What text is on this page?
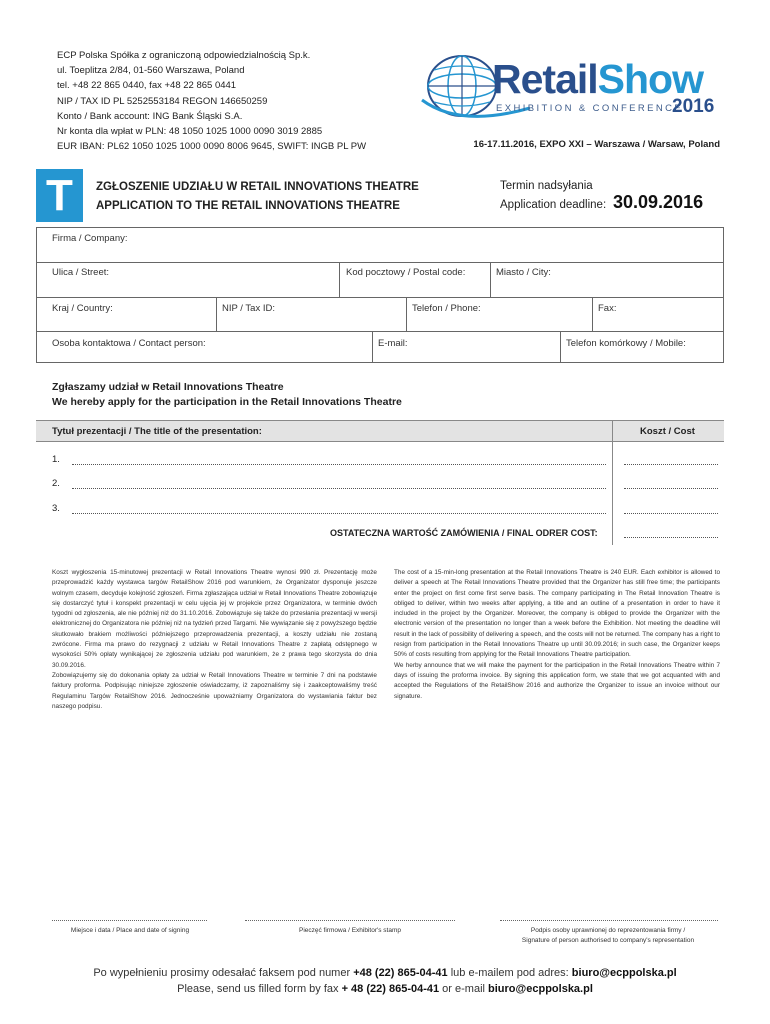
ECP Polska Spółka z ograniczoną odpowiedzialnością Sp.k.
ul. Toeplitza 2/84, 01-560 Warszawa, Poland
tel. +48 22 865 0440, fax +48 22 865 0441
NIP / TAX ID PL 5252553184 REGON 146650259
Konto / Bank account: ING Bank Śląski S.A.
Nr konta dla wpłat w PLN: 48 1050 1025 1000 0090 3019 2885
EUR IBAN: PL62 1050 1025 1000 0090 8006 9645, SWIFT: INGB PL PW
RetailShow
EXHIBITION & CONFERENCE
2016
16-17.11.2016, EXPO XXI – Warszawa / Warsaw, Poland
T	ZGŁOSZENIE UDZIAŁU W RETAIL INNOVATIONS THEATRE
APPLICATION TO THE RETAIL INNOVATIONS THEATRE
Termin nadsyłania
Application deadline: 30.09.2016
Firma / Company:
Ulica / Street:	Kod pocztowy / Postal code:	Miasto / City:
Kraj / Country:	NIP / Tax ID:	Telefon / Phone:	Fax:
Osoba kontaktowa / Contact person:	E-mail:	Telefon komórkowy / Mobile:
Zgłaszamy udział w Retail Innovations Theatre
We hereby apply for the participation in the Retail Innovations Theatre
Tytuł prezentacji / The title of the presentation:	Koszt / Cost
1.
2.
3.
OSTATECZNA WARTOŚĆ ZAMÓWIENIA / FINAL ODRER COST:

Koszt wygłoszenia 15-minutowej prezentacji w Retail Innovations Theatre wynosi 990 zł. Prezentację może przeprowadzić każdy wystawca targów RetailShow 2016 pod warunkiem, że Organizator dysponuje jeszcze wolnym czasem, decyduje kolejność zgłoszeń. Firma zgłaszająca udział w Retail Innovations Theatre zobowiązuje się dostarczyć tytuł i konspekt prezentacji w celu ujęcia jej w projekcie przez Organizatora, w terminie dwóch tygodni od zgłoszenia, ale nie później niż do 31.10.2016. Zobowiązuje się także do przesłania prezentacji w wersji elektronicznej do Organizatora nie później niż na tydzień przed Targami. Nie wywiązanie się z powyższego będzie skutkowało brakiem możliwości późniejszego przeprowadzenia prezentacji, a koszty udziału nie zostaną zwrócone. Firma ma prawo do rezygnacji z udziału w Retail Innovations Theatre z zapłatą odstępnego w wysokości 50% opłaty wynikającej ze zgłoszenia udziału pod warunkiem, że z prawa tego skorzysta do dnia 30.09.2016.

Zobowiązujemy się do dokonania opłaty za udział w Retail Innovations Theatre w terminie 7 dni na podstawie faktury proforma. Podpisując niniejsze zgłoszenie oświadczamy, iż zapoznaliśmy się i zaakceptowaliśmy treść Regulaminu Targów RetailShow 2016. Jednocześnie upoważniamy Organizatora do wystawiania faktur bez naszego podpisu.

The cost of a 15-min-long presentation at the Retail Innovations Theatre is 240 EUR. Each exhibitor is allowed to deliver a speech at The Retail Innovations Theatre provided that the Organizer has still free time; the participants enter the project on first come first serve basis. The company participating in The Retail Innovation Theatre is obliged to deliver, within two weeks after applying, a title and an outline of a presentation in order to have it included in the project by the Organizer. Moreover, the company is obliged to provide the Organizer with the electronic version of the presentation no longer than a week before the Exhibition. Not meeting the deadline will result in the lack of possibility of delivering a speech, and the costs will not be returned. The company has a right to resign from participation in the Retail Innovations Theatre up until 30.09.2016; in such case, the Organizer keeps 50% of costs resulting from applying for the Retail Innovations Theatre participation.

We herby announce that we will make the payment for the participation in the Retail Innovations Theatre within 7 days of issuing the proforma invoice. By signing this application form, we state that we got acquanted with and accepted the Regulations of the RetailShow 2016 and authorize the Organizer to issue an invoice without our signature.

Miejsce i data / Place and date of signing	Pieczęć firmowa / Exhibitor's stamp	Podpis osoby uprawnionej do reprezentowania firmy /
Signature of person authorised to company's representation
Po wypełnieniu prosimy odesałać faksem pod numer +48 (22) 865-04-41 lub e-mailem pod adres: biuro@ecppolska.pl
Please, send us filled form by fax + 48 (22) 865-04-41 or e-mail biuro@ecppolska.pl
